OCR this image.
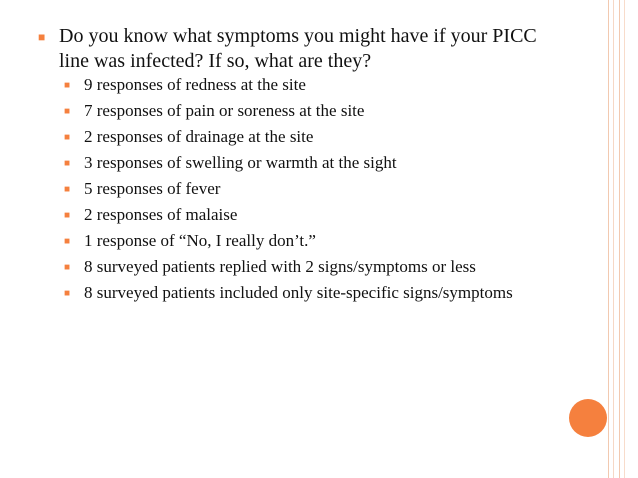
■ Do you know what symptoms you might have if your PICC line was infected? If so, what are they?
■ 9 responses of redness at the site
■ 7 responses of pain or soreness at the site
■ 2 responses of drainage at the site
■ 3 responses of swelling or warmth at the sight
■ 5 responses of fever
■ 2 responses of malaise
■ 1 response of “No, I really don’t.”
■ 8 surveyed patients replied with 2 signs/symptoms or less
■ 8 surveyed patients included only site-specific signs/symptoms
